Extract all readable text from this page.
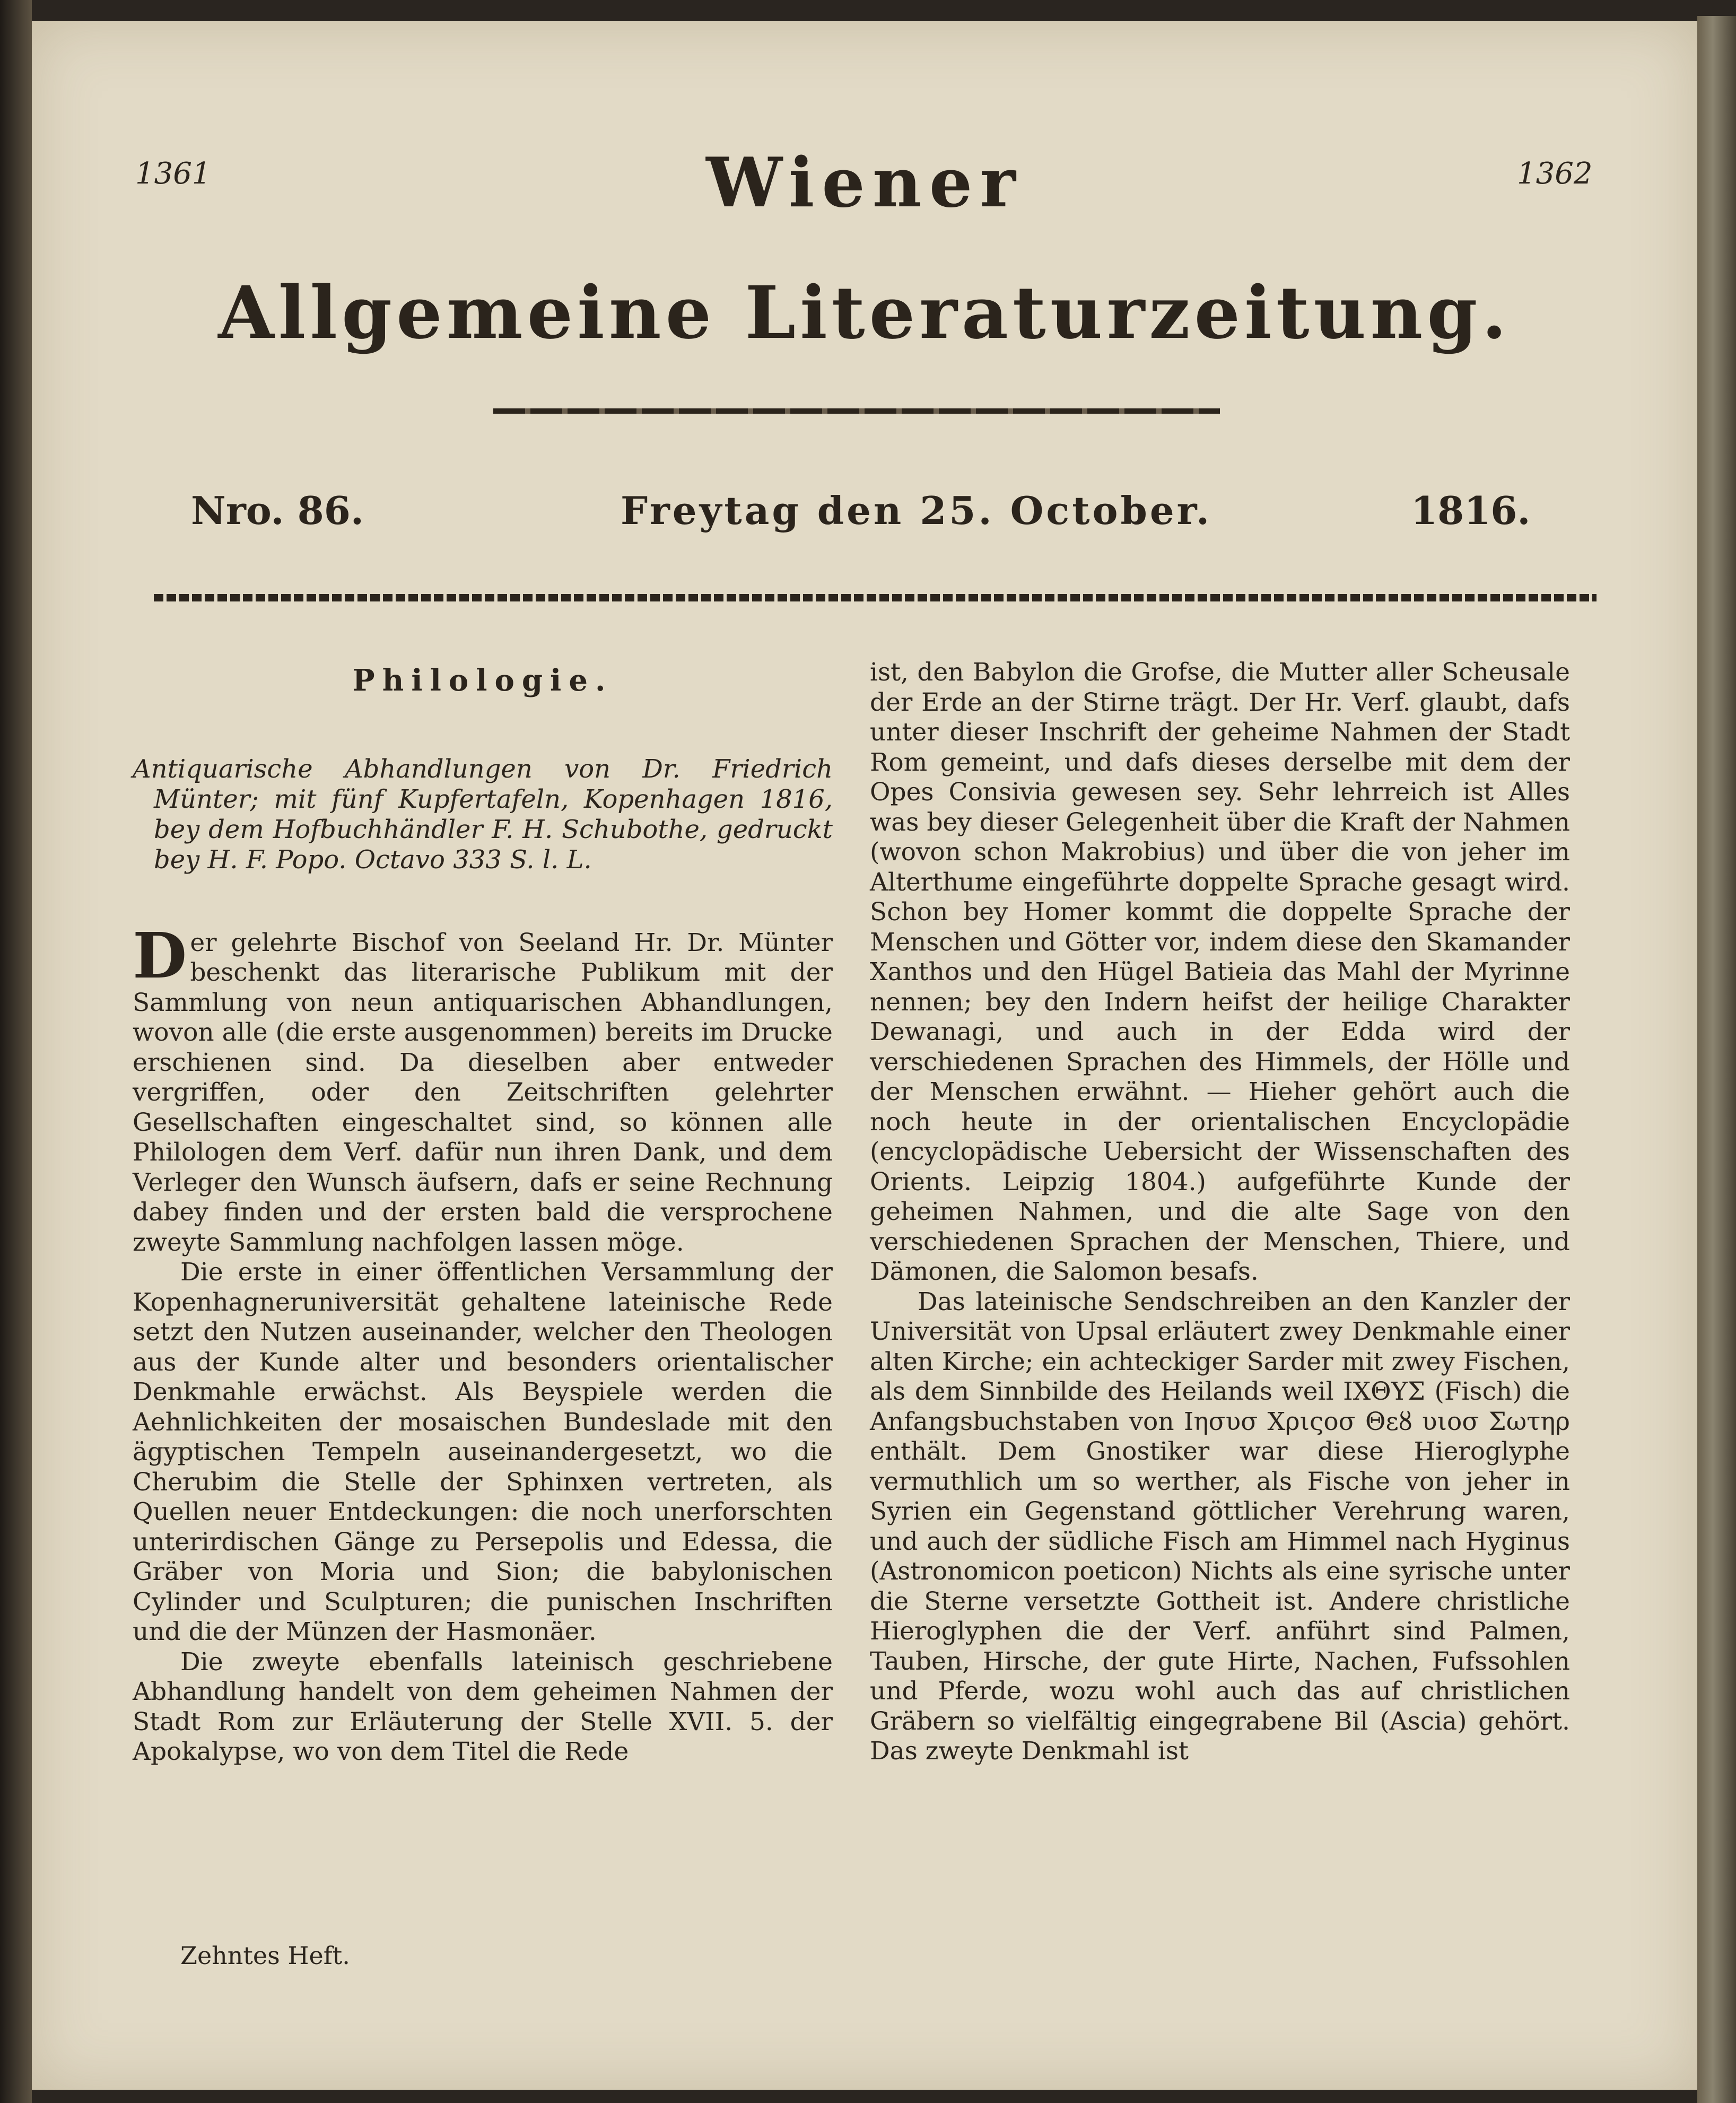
1361	1362
Wiener
Allgemeine Literaturzeitung.
Nro. 86.	Freytag den 25. October.	1816.
Philologie.
Antiquarische Abhandlungen von Dr. Friedrich Münter; mit fünf Kupfertafeln, Kopenhagen 1816, bey dem Hofbuchhändler F. H. Schubothe, gedruckt bey H. F. Popo. Octavo 333 S. l. L.

Der gelehrte Bischof von Seeland Hr. Dr. Münter beschenkt das literarische Publikum mit der Sammlung von neun antiquarischen Abhandlungen, wovon alle (die erste ausgenommen) bereits im Drucke erschienen sind. Da dieselben aber entweder vergriffen, oder den Zeitschriften gelehrter Gesellschaften eingeschaltet sind, so können alle Philologen dem Verf. dafür nun ihren Dank, und dem Verleger den Wunsch äufsern, dafs er seine Rechnung dabey finden und der ersten bald die versprochene zweyte Sammlung nachfolgen lassen möge.

Die erste in einer öffentlichen Versammlung der Kopenhagneruniversität gehaltene lateinische Rede setzt den Nutzen auseinander, welcher den Theologen aus der Kunde alter und besonders orientalischer Denkmahle erwächst. Als Beyspiele werden die Aehnlichkeiten der mosaischen Bundeslade mit den ägyptischen Tempeln auseinandergesetzt, wo die Cherubim die Stelle der Sphinxen vertreten, als Quellen neuer Entdeckungen: die noch unerforschten unterirdischen Gänge zu Persepolis und Edessa, die Gräber von Moria und Sion; die babylonischen Cylinder und Sculpturen; die punischen Inschriften und die der Münzen der Hasmonäer.

Die zweyte ebenfalls lateinisch geschriebene Abhandlung handelt von dem geheimen Nahmen der Stadt Rom zur Erläuterung der Stelle XVII. 5. der Apokalypse, wo von dem Titel die Rede

ist, den Babylon die Grofse, die Mutter aller Scheusale der Erde an der Stirne trägt. Der Hr. Verf. glaubt, dafs unter dieser Inschrift der geheime Nahmen der Stadt Rom gemeint, und dafs dieses derselbe mit dem der Opes Consivia gewesen sey. Sehr lehrreich ist Alles was bey dieser Gelegenheit über die Kraft der Nahmen (wovon schon Makrobius) und über die von jeher im Alterthume eingeführte doppelte Sprache gesagt wird. Schon bey Homer kommt die doppelte Sprache der Menschen und Götter vor, indem diese den Skamander Xanthos und den Hügel Batieia das Mahl der Myrinne nennen; bey den Indern heifst der heilige Charakter Dewanagi, und auch in der Edda wird der verschiedenen Sprachen des Himmels, der Hölle und der Menschen erwähnt. — Hieher gehört auch die noch heute in der orientalischen Encyclopädie (encyclopädische Uebersicht der Wissenschaften des Orients. Leipzig 1804.) aufgeführte Kunde der geheimen Nahmen, und die alte Sage von den verschiedenen Sprachen der Menschen, Thiere, und Dämonen, die Salomon besafs.

Das lateinische Sendschreiben an den Kanzler der Universität von Upsal erläutert zwey Denkmahle einer alten Kirche; ein achteckiger Sarder mit zwey Fischen, als dem Sinnbilde des Heilands weil ΙΧΘΥΣ (Fisch) die Anfangsbuchstaben von Ιησυσ Χριςοσ Θεȣ υιοσ Σωτηρ enthält. Dem Gnostiker war diese Hieroglyphe vermuthlich um so werther, als Fische von jeher in Syrien ein Gegenstand göttlicher Verehrung waren, und auch der südliche Fisch am Himmel nach Hyginus (Astronomicon poeticon) Nichts als eine syrische unter die Sterne versetzte Gottheit ist. Andere christliche Hieroglyphen die der Verf. anführt sind Palmen, Tauben, Hirsche, der gute Hirte, Nachen, Fufssohlen und Pferde, wozu wohl auch das auf christlichen Gräbern so vielfältig eingegrabene Bil (Ascia) gehört. Das zweyte Denkmahl ist

Zehntes Heft.
